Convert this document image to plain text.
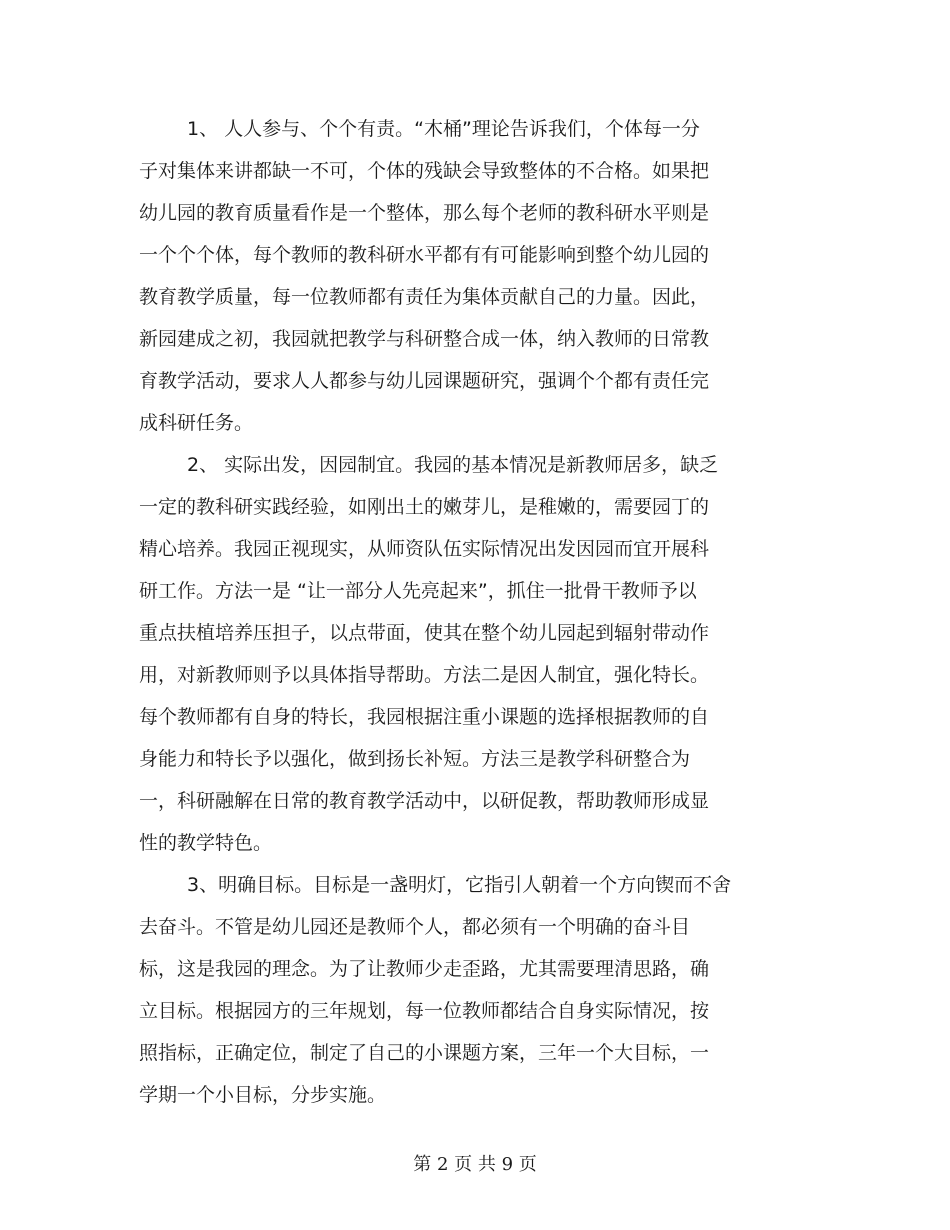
1、 人人参与、个个有责。“木桶”理论告诉我们，个体每一分
子对集体来讲都缺一不可，个体的残缺会导致整体的不合格。如果把
幼儿园的教育质量看作是一个整体，那么每个老师的教科研水平则是
一个个个体，每个教师的教科研水平都有有可能影响到整个幼儿园的
教育教学质量，每一位教师都有责任为集体贡献自己的力量。因此，
新园建成之初，我园就把教学与科研整合成一体，纳入教师的日常教
育教学活动，要求人人都参与幼儿园课题研究，强调个个都有责任完
成科研任务。
2、 实际出发，因园制宜。我园的基本情况是新教师居多，缺乏
一定的教科研实践经验，如刚出土的嫩芽儿，是稚嫩的，需要园丁的
精心培养。我园正视现实，从师资队伍实际情况出发因园而宜开展科
研工作。方法一是 “让一部分人先亮起来”，抓住一批骨干教师予以
重点扶植培养压担子，以点带面，使其在整个幼儿园起到辐射带动作
用，对新教师则予以具体指导帮助。方法二是因人制宜，强化特长。
每个教师都有自身的特长，我园根据注重小课题的选择根据教师的自
身能力和特长予以强化，做到扬长补短。方法三是教学科研整合为
一，科研融解在日常的教育教学活动中，以研促教，帮助教师形成显
性的教学特色。
3、明确目标。目标是一盏明灯，它指引人朝着一个方向锲而不舍
去奋斗。不管是幼儿园还是教师个人，都必须有一个明确的奋斗目
标，这是我园的理念。为了让教师少走歪路，尤其需要理清思路，确
立目标。根据园方的三年规划，每一位教师都结合自身实际情况，按
照指标，正确定位，制定了自己的小课题方案，三年一个大目标，一
学期一个小目标，分步实施。
第 2 页 共 9 页
